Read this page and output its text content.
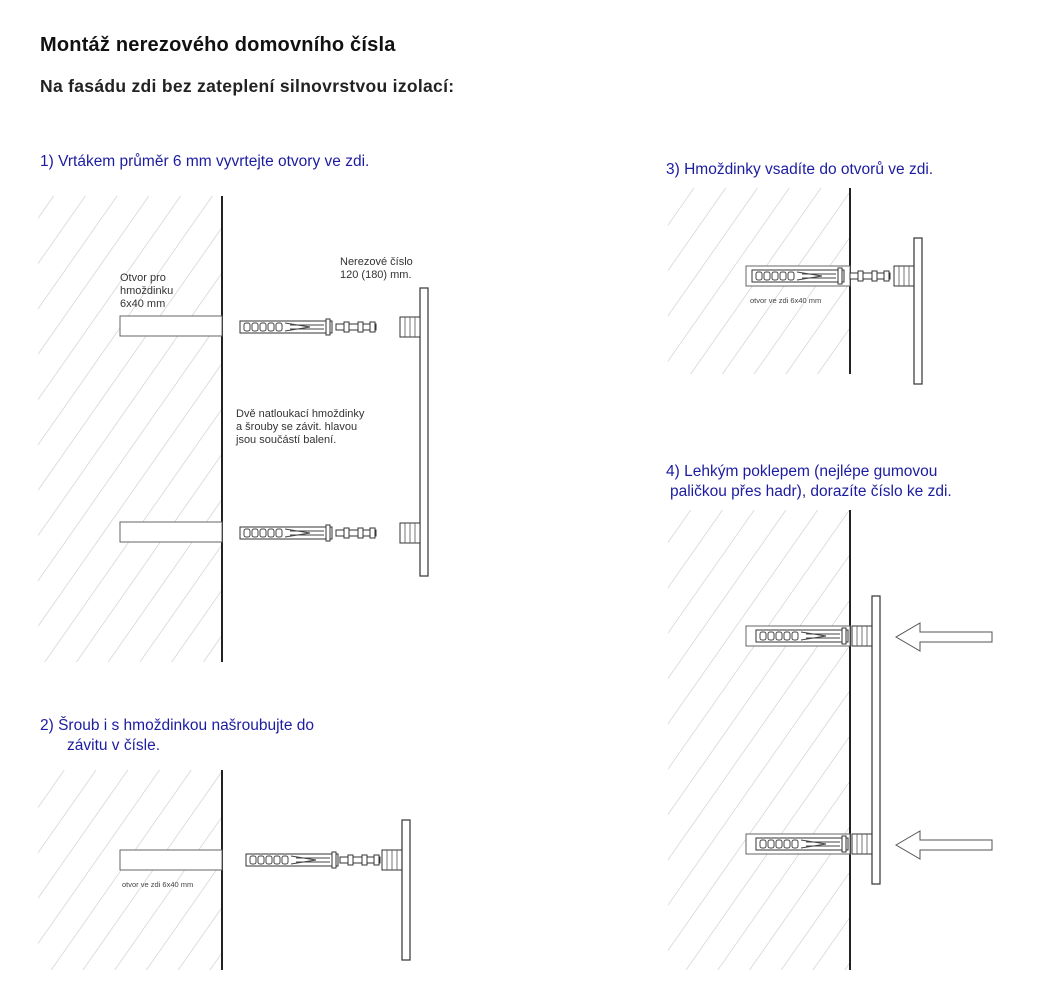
Montáž nerezového domovního čísla
Na fasádu zdi bez zateplení silnovrstvou izolací:
1) Vrtákem průměr 6 mm vyvrtejte otvory ve zdi.
2) Šroub i s hmoždinkou našroubujte do
závitu v čísle.
3) Hmoždinky vsadíte do otvorů ve zdi.
4) Lehkým poklepem (nejlépe gumovou
paličkou přes hadr), dorazíte číslo ke zdi.
Otvor pro
hmoždinku
6x40 mm
Nerezové číslo
120 (180) mm.
Dvě natloukací hmoždinky
a šrouby se závit. hlavou
jsou součástí balení.
otvor ve zdi 6x40 mm
otvor ve zdi 6x40 mm
